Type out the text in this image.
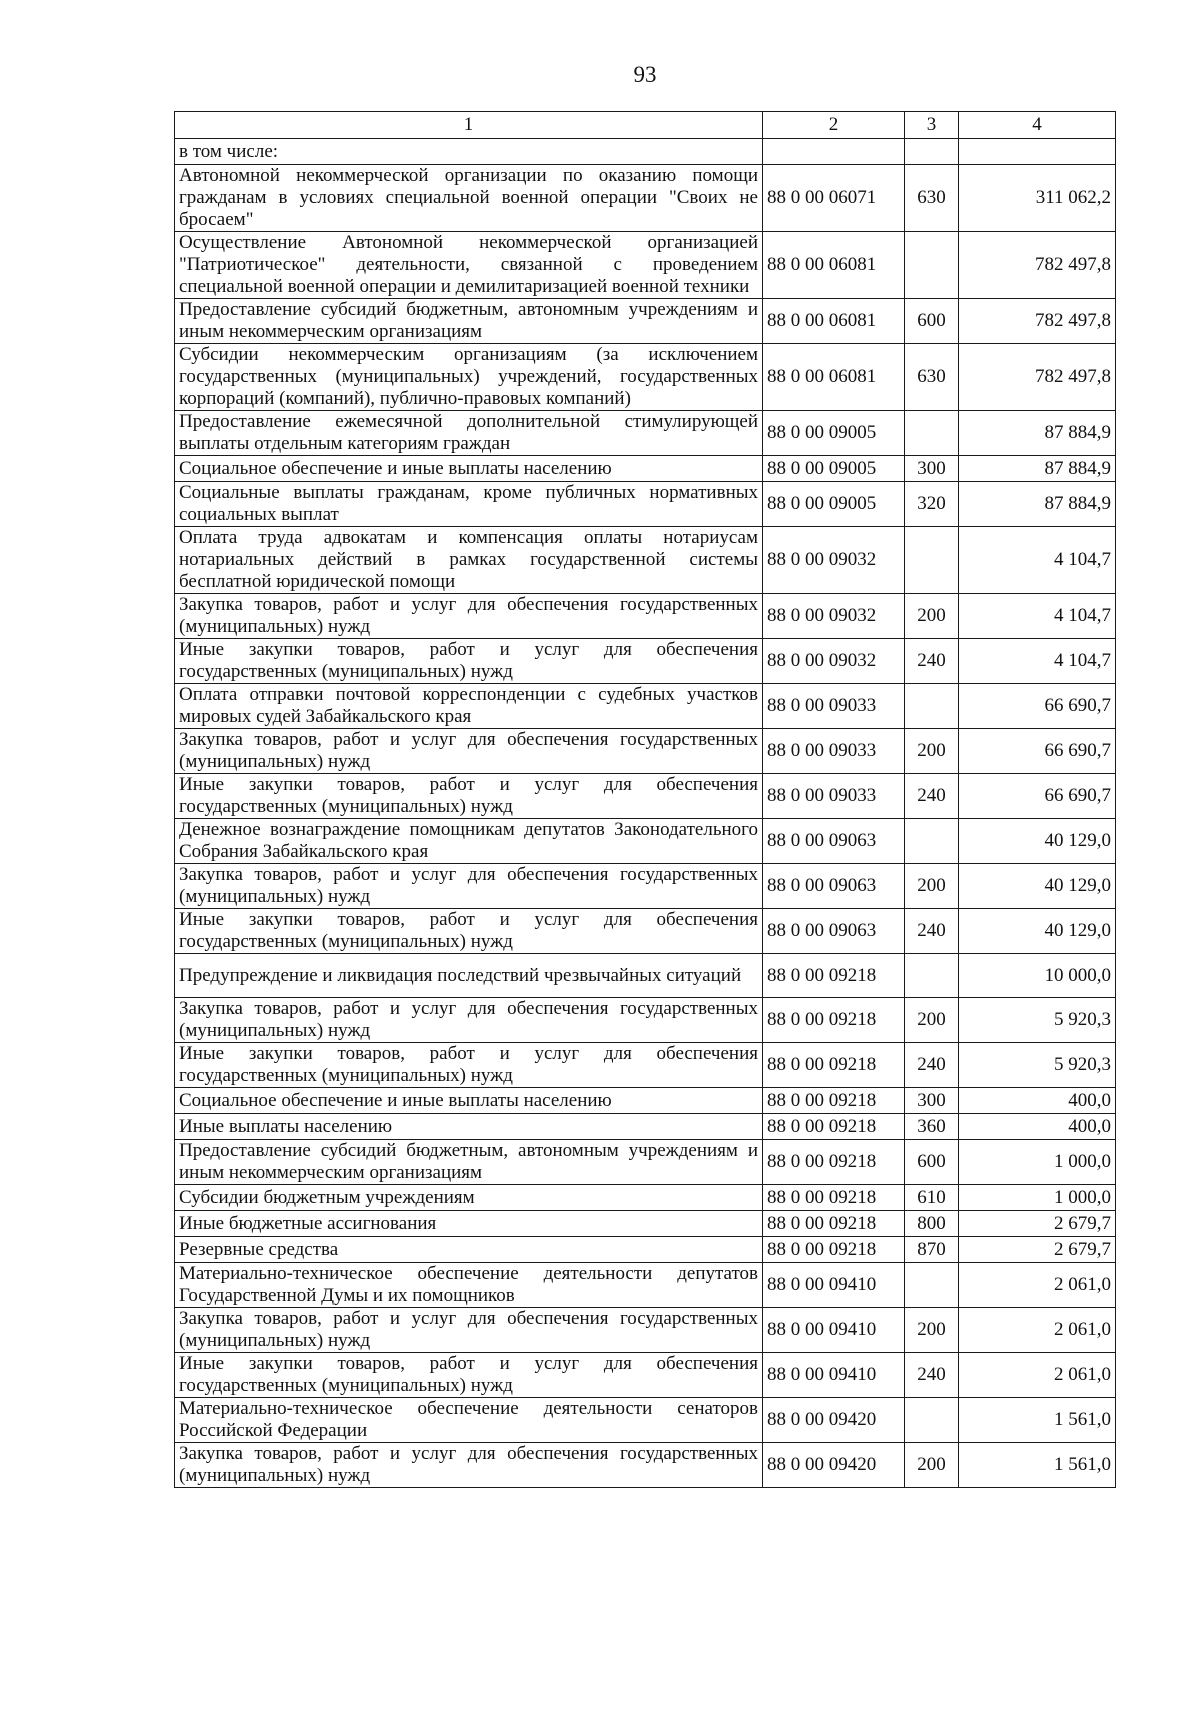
93
1	2	3	4
в том числе:			
Автономной некоммерческой организации по оказанию помощи гражданам в условиях специальной военной операции "Своих не бросаем"	88 0 00 06071	630	311 062,2
Осуществление Автономной некоммерческой организацией "Патриотическое" деятельности, связанной с проведением специальной военной операции и демилитаризацией военной техники	88 0 00 06081		782 497,8
Предоставление субсидий бюджетным, автономным учреждениям и иным некоммерческим организациям	88 0 00 06081	600	782 497,8
Субсидии некоммерческим организациям (за исключением государственных (муниципальных) учреждений, государственных корпораций (компаний), публично-правовых компаний)	88 0 00 06081	630	782 497,8
Предоставление ежемесячной дополнительной стимулирующей выплаты отдельным категориям граждан	88 0 00 09005		87 884,9
Социальное обеспечение и иные выплаты населению	88 0 00 09005	300	87 884,9
Социальные выплаты гражданам, кроме публичных нормативных социальных выплат	88 0 00 09005	320	87 884,9
Оплата труда адвокатам и компенсация оплаты нотариусам нотариальных действий в рамках государственной системы бесплатной юридической помощи	88 0 00 09032		4 104,7
Закупка товаров, работ и услуг для обеспечения государственных (муниципальных) нужд	88 0 00 09032	200	4 104,7
Иные закупки товаров, работ и услуг для обеспечения государственных (муниципальных) нужд	88 0 00 09032	240	4 104,7
Оплата отправки почтовой корреспонденции с судебных участков мировых судей Забайкальского края	88 0 00 09033		66 690,7
Закупка товаров, работ и услуг для обеспечения государственных (муниципальных) нужд	88 0 00 09033	200	66 690,7
Иные закупки товаров, работ и услуг для обеспечения государственных (муниципальных) нужд	88 0 00 09033	240	66 690,7
Денежное вознаграждение помощникам депутатов Законодательного Собрания Забайкальского края	88 0 00 09063		40 129,0
Закупка товаров, работ и услуг для обеспечения государственных (муниципальных) нужд	88 0 00 09063	200	40 129,0
Иные закупки товаров, работ и услуг для обеспечения государственных (муниципальных) нужд	88 0 00 09063	240	40 129,0
Предупреждение и ликвидация последствий чрезвычайных ситуаций	88 0 00 09218		10 000,0
Закупка товаров, работ и услуг для обеспечения государственных (муниципальных) нужд	88 0 00 09218	200	5 920,3
Иные закупки товаров, работ и услуг для обеспечения государственных (муниципальных) нужд	88 0 00 09218	240	5 920,3
Социальное обеспечение и иные выплаты населению	88 0 00 09218	300	400,0
Иные выплаты населению	88 0 00 09218	360	400,0
Предоставление субсидий бюджетным, автономным учреждениям и иным некоммерческим организациям	88 0 00 09218	600	1 000,0
Субсидии бюджетным учреждениям	88 0 00 09218	610	1 000,0
Иные бюджетные ассигнования	88 0 00 09218	800	2 679,7
Резервные средства	88 0 00 09218	870	2 679,7
Материально-техническое обеспечение деятельности депутатов Государственной Думы и их помощников	88 0 00 09410		2 061,0
Закупка товаров, работ и услуг для обеспечения государственных (муниципальных) нужд	88 0 00 09410	200	2 061,0
Иные закупки товаров, работ и услуг для обеспечения государственных (муниципальных) нужд	88 0 00 09410	240	2 061,0
Материально-техническое обеспечение деятельности сенаторов Российской Федерации	88 0 00 09420		1 561,0
Закупка товаров, работ и услуг для обеспечения государственных (муниципальных) нужд	88 0 00 09420	200	1 561,0
